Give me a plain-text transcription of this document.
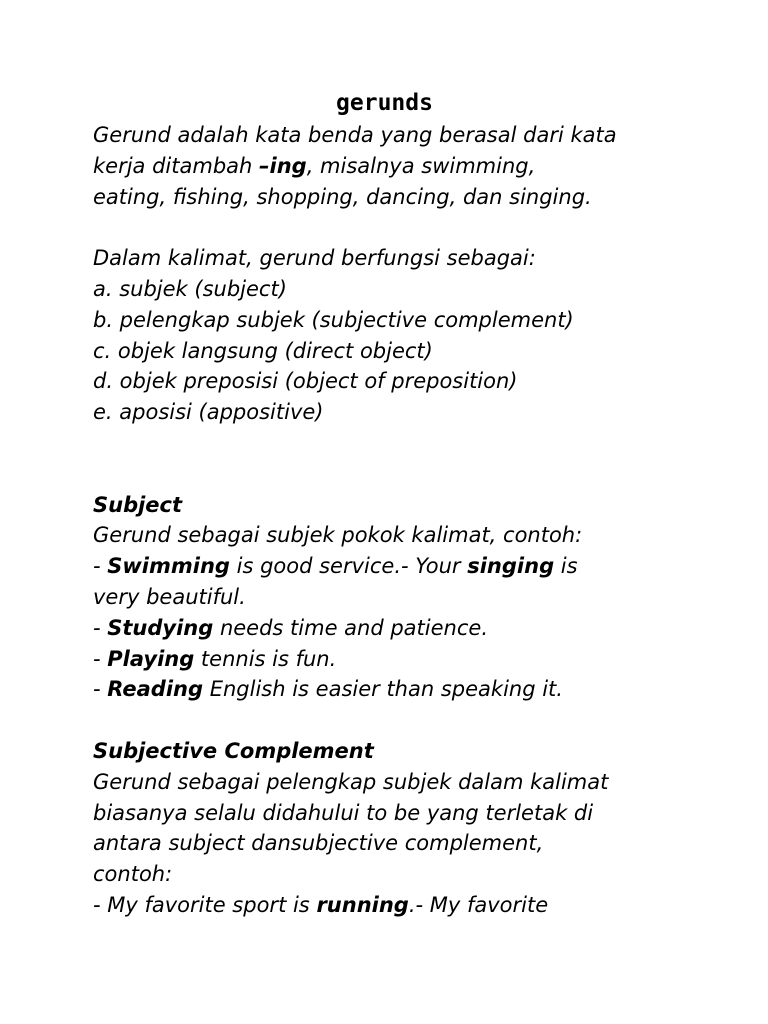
gerunds
Gerund adalah kata benda yang berasal dari kata
kerja ditambah –ing, misalnya swimming,
eating, fishing, shopping, dancing, dan singing.
Dalam kalimat, gerund berfungsi sebagai:
a. subjek (subject)
b. pelengkap subjek (subjective complement)
c. objek langsung (direct object)
d. objek preposisi (object of preposition)
e. aposisi (appositive)
Subject
Gerund sebagai subjek pokok kalimat, contoh:
- Swimming is good service.- Your singing is
very beautiful.
- Studying needs time and patience.
- Playing tennis is fun.
- Reading English is easier than speaking it.
Subjective Complement
Gerund sebagai pelengkap subjek dalam kalimat
biasanya selalu didahului to be yang terletak di
antara subject dansubjective complement,
contoh:
- My favorite sport is running.- My favorite
